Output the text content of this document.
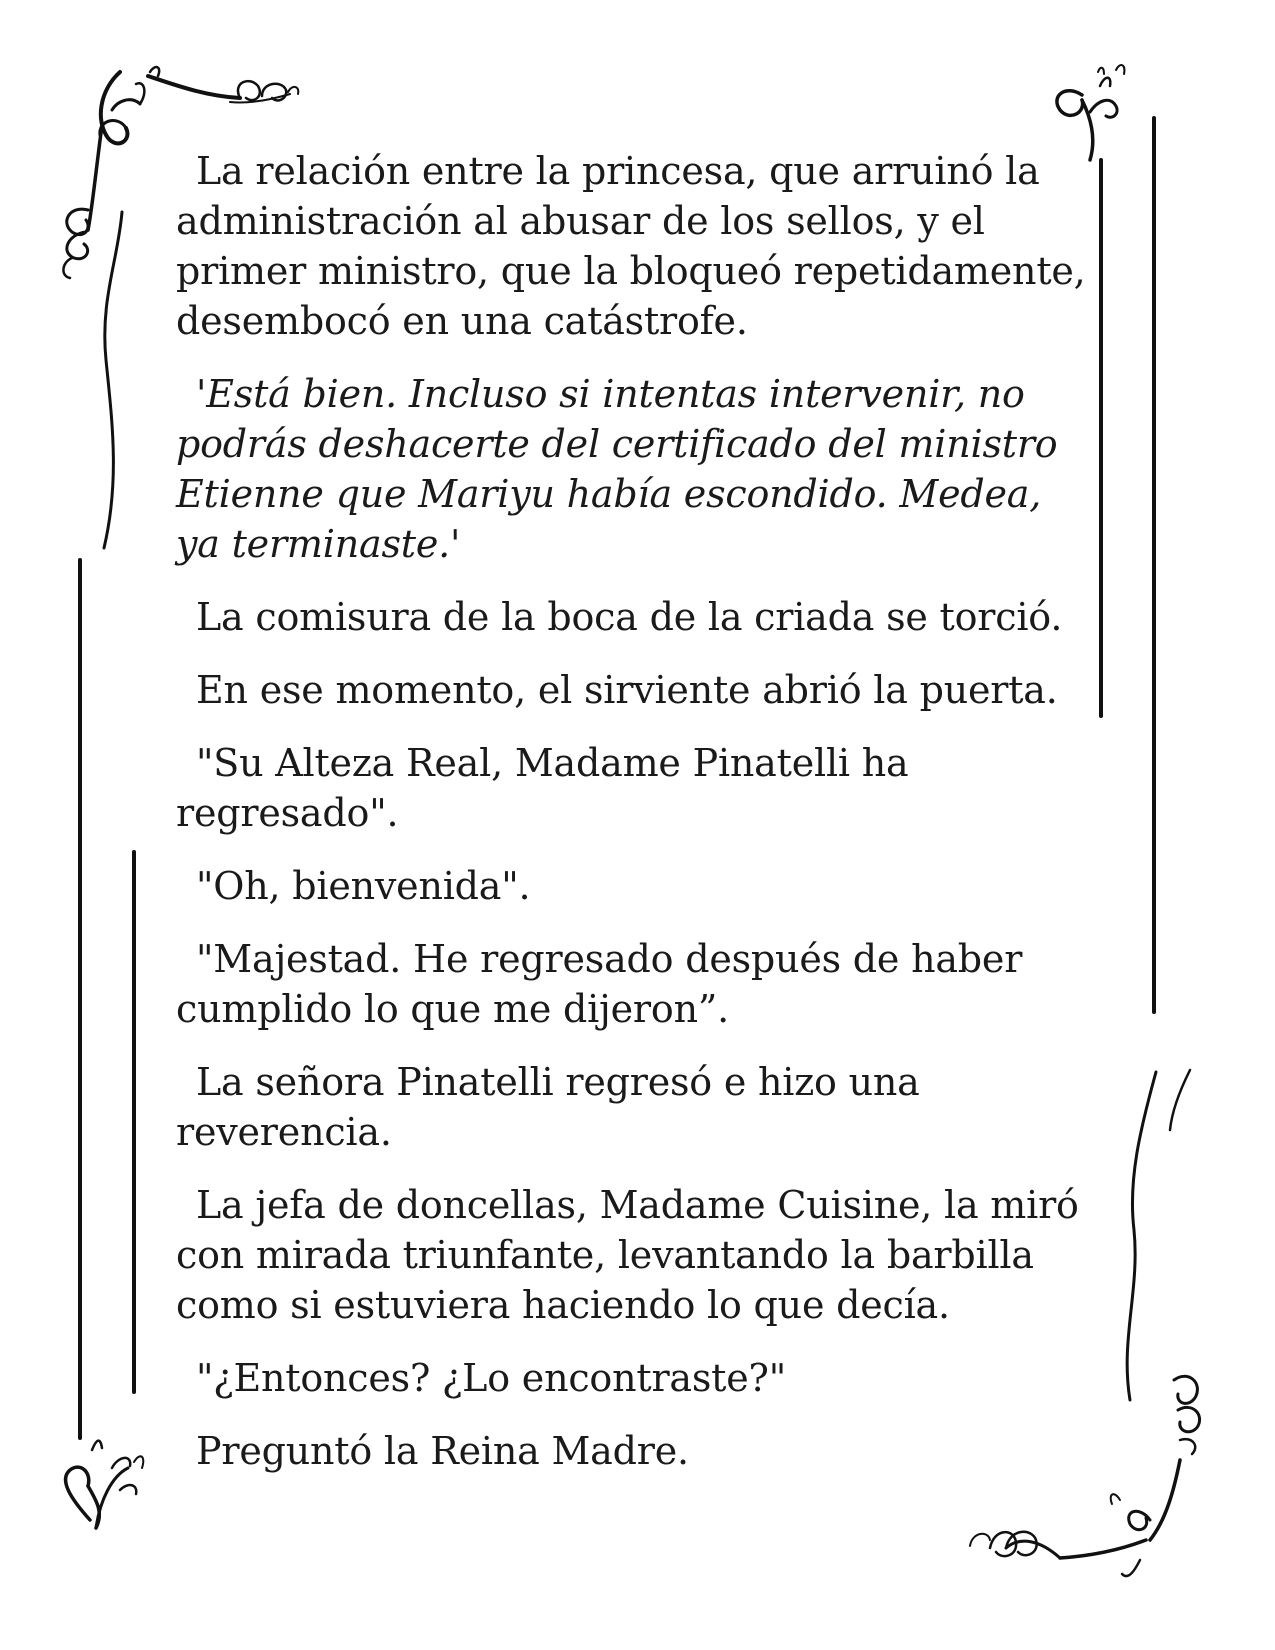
La relación entre la princesa, que arruinó la
administración al abusar de los sellos, y el
primer ministro, que la bloqueó repetidamente,
desembocó en una catástrofe.

'Está bien. Incluso si intentas intervenir, no
podrás deshacerte del certificado del ministro
Etienne que Mariyu había escondido. Medea,
ya terminaste.'

La comisura de la boca de la criada se torció.

En ese momento, el sirviente abrió la puerta.

"Su Alteza Real, Madame Pinatelli ha
regresado".

"Oh, bienvenida".

"Majestad. He regresado después de haber
cumplido lo que me dijeron”.

La señora Pinatelli regresó e hizo una
reverencia.

La jefa de doncellas, Madame Cuisine, la miró
con mirada triunfante, levantando la barbilla
como si estuviera haciendo lo que decía.

"¿Entonces? ¿Lo encontraste?"

Preguntó la Reina Madre.
